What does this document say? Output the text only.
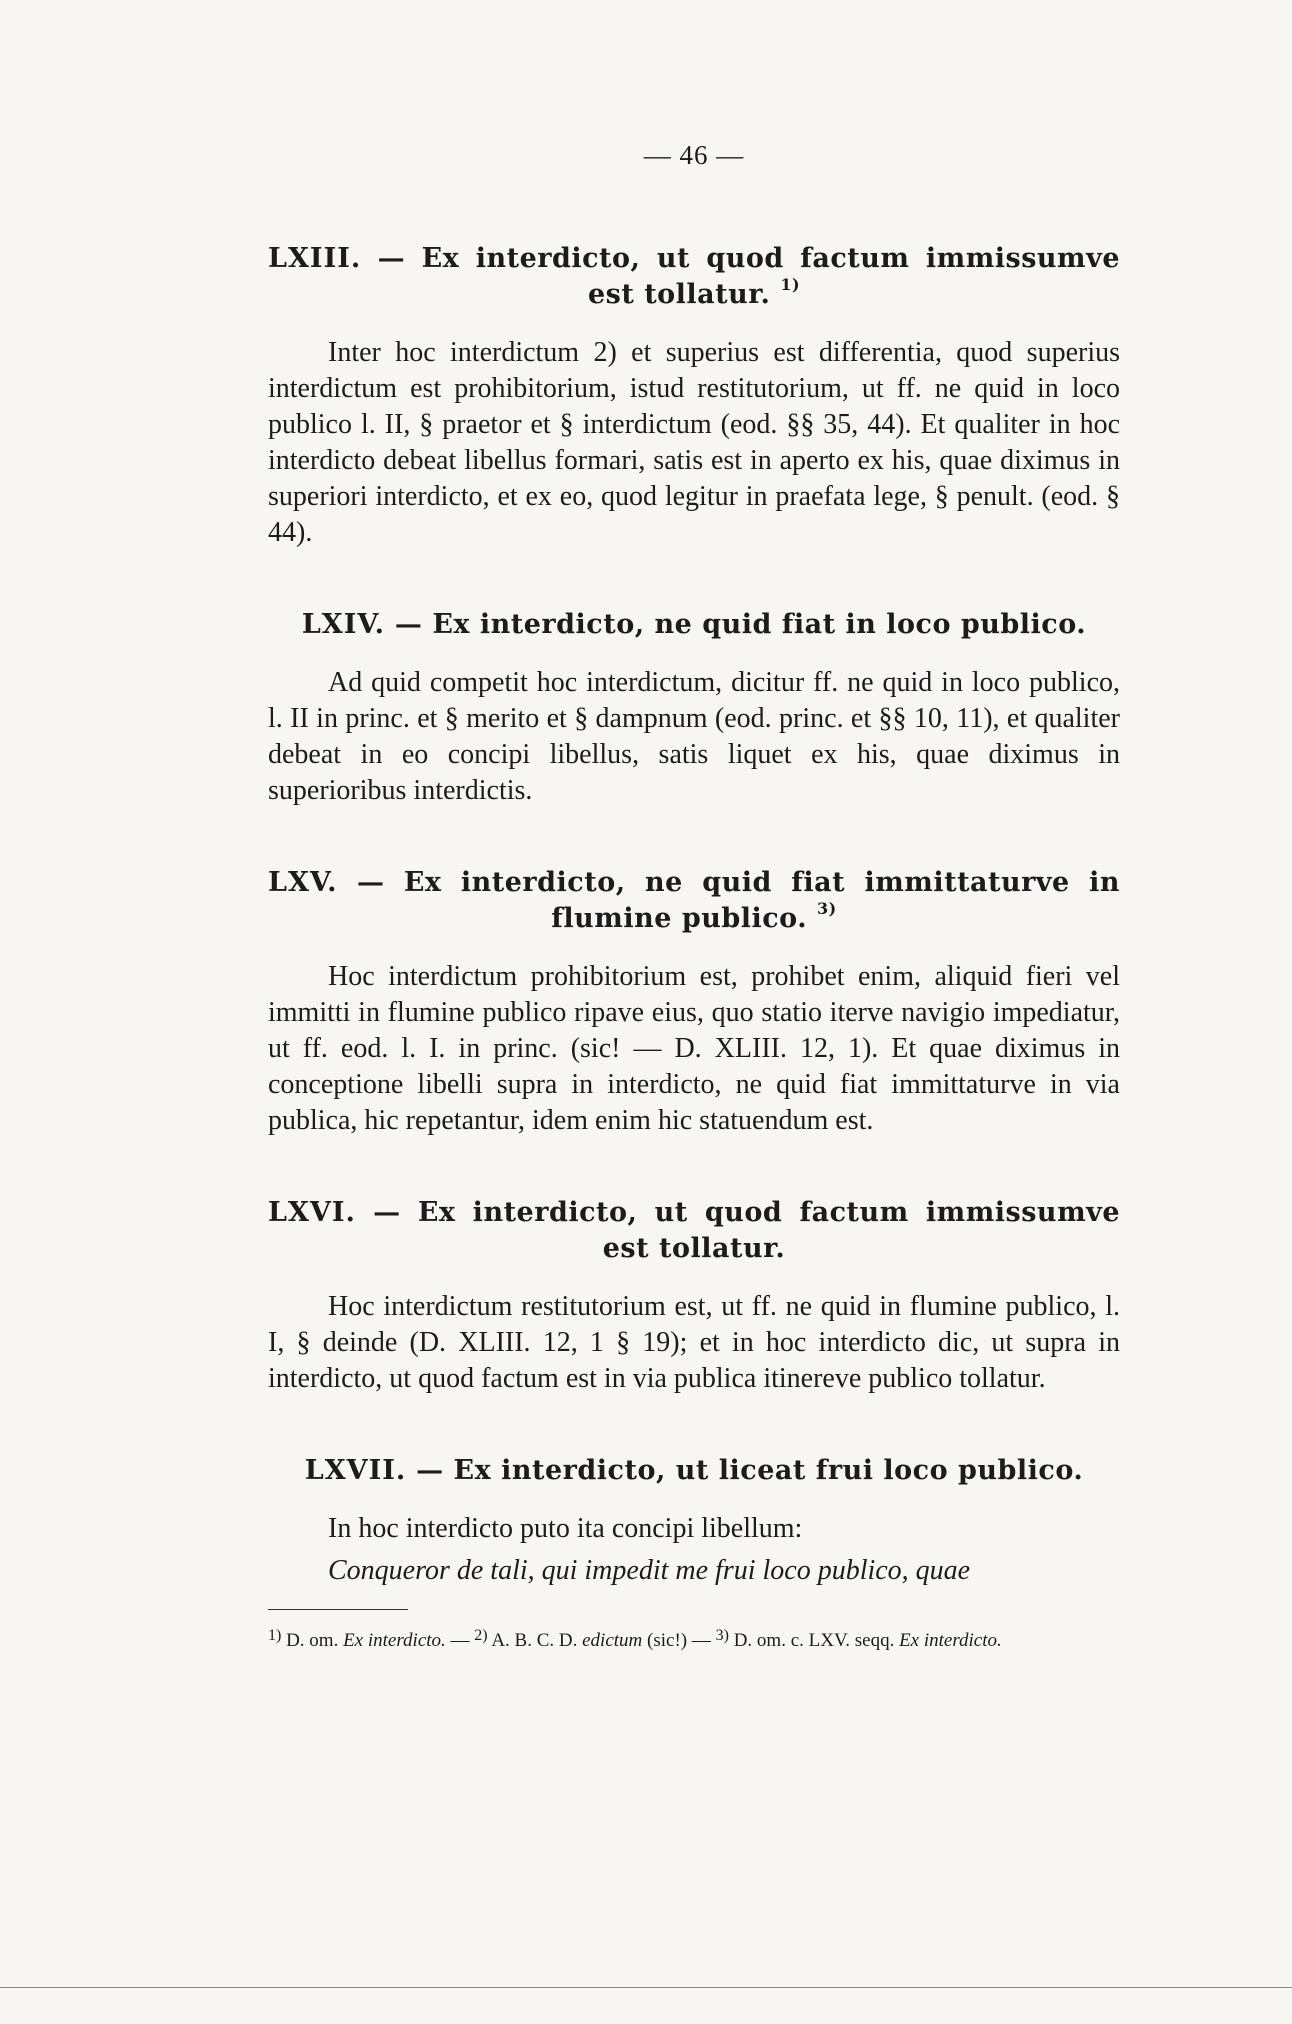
— 46 —
LXIII. — Ex interdicto, ut quod factum immissumve est tollatur. $^{1)}$

Inter hoc interdictum 2) et superius est differentia, quod superius interdictum est prohibitorium, istud restitutorium, ut ff. ne quid in loco publico l. II, § praetor et § interdictum (eod. §§ 35, 44). Et qualiter in hoc interdicto debeat libellus formari, satis est in aperto ex his, quae diximus in superiori interdicto, et ex eo, quod legitur in praefata lege, § penult. (eod. § 44).

LXIV. — Ex interdicto, ne quid fiat in loco publico.

Ad quid competit hoc interdictum, dicitur ff. ne quid in loco publico, l. II in princ. et § merito et § dampnum (eod. princ. et §§ 10, 11), et qualiter debeat in eo concipi libellus, satis liquet ex his, quae diximus in superioribus interdictis.

LXV. — Ex interdicto, ne quid fiat immittaturve in flumine publico. $^{3)}$

Hoc interdictum prohibitorium est, prohibet enim, aliquid fieri vel immitti in flumine publico ripave eius, quo statio iterve navigio impediatur, ut ff. eod. l. I. in princ. (sic! — D. XLIII. 12, 1). Et quae diximus in conceptione libelli supra in interdicto, ne quid fiat immittaturve in via publica, hic repetantur, idem enim hic statuendum est.

LXVI. — Ex interdicto, ut quod factum immissumve est tollatur.

Hoc interdictum restitutorium est, ut ff. ne quid in flumine publico, l. I, § deinde (D. XLIII. 12, 1 § 19); et in hoc interdicto dic, ut supra in interdicto, ut quod factum est in via publica itinereve publico tollatur.

LXVII. — Ex interdicto, ut liceat frui loco publico.

In hoc interdicto puto ita concipi libellum:

Conqueror de tali, qui impedit me frui loco publico, quae

$^{1)}$ D. om. Ex interdicto. — $^{2)}$ A. B. C. D. edictum (sic!) — $^{3)}$ D. om. c. LXV. seqq. Ex interdicto.
